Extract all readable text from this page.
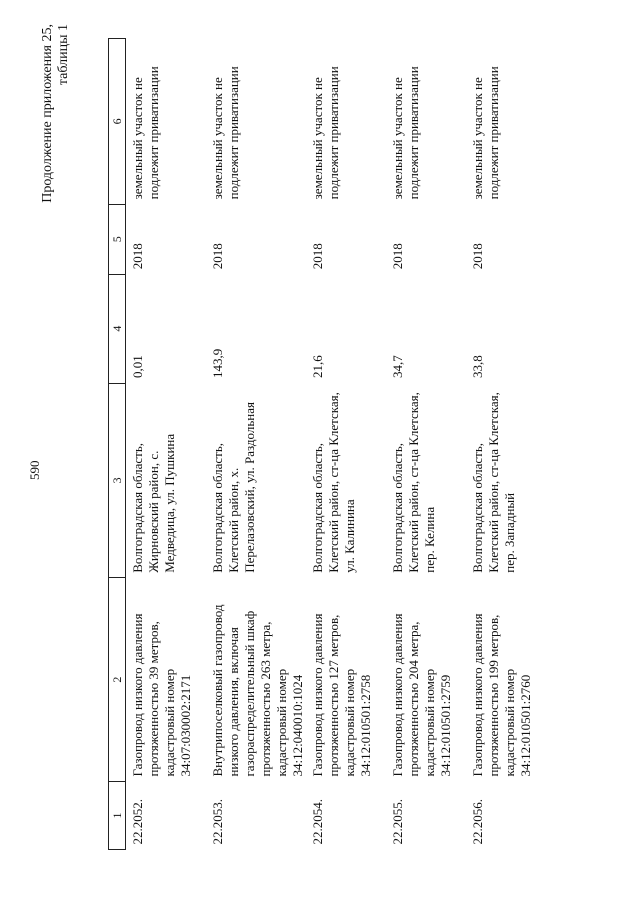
590
Продолжение приложения 25, таблицы 1
1	2	3	4	5	6
22.2052.	Газопровод низкого давления протяженностью 39 метров, кадастровый номер 34:07:030002:2171	Волгоградская область, Жирновский район, с. Медведица, ул. Пушкина	0,01	2018	земельный участок не подлежит приватизации
22.2053.	Внутрипоселковый газопровод низкого давления, включая газораспределительный шкаф протяженностью 263 метра, кадастровый номер 34:12:040010:1024	Волгоградская область, Клетский район, х. Перелазовский, ул. Раздольная	143,9	2018	земельный участок не подлежит приватизации
22.2054.	Газопровод низкого давления протяженностью 127 метров, кадастровый номер 34:12:010501:2758	Волгоградская область, Клетский район, ст-ца Клетская, ул. Калинина	21,6	2018	земельный участок не подлежит приватизации
22.2055.	Газопровод низкого давления протяженностью 204 метра, кадастровый номер 34:12:010501:2759	Волгоградская область, Клетский район, ст-ца Клетская, пер. Келина	34,7	2018	земельный участок не подлежит приватизации
22.2056.	Газопровод низкого давления протяженностью 199 метров, кадастровый номер 34:12:010501:2760	Волгоградская область, Клетский район, ст-ца Клетская, пер. Западный	33,8	2018	земельный участок не подлежит приватизации
